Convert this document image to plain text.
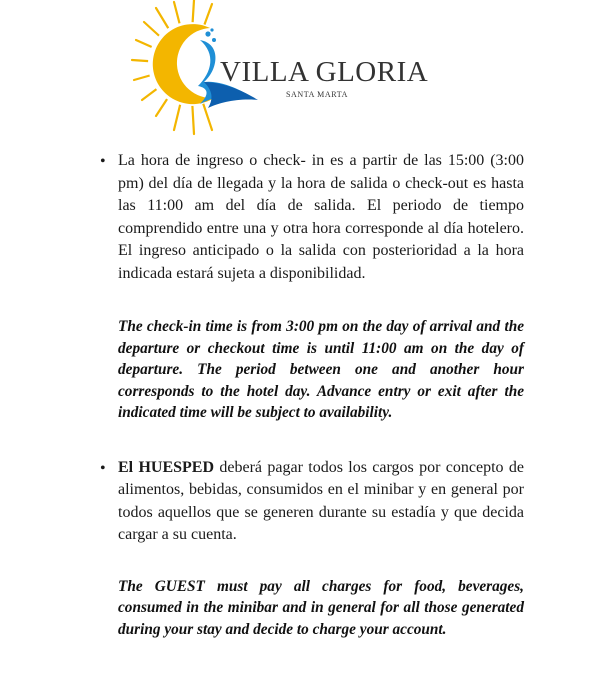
VILLA GLORIA
SANTA MARTA
• La hora de ingreso o check- in es a partir de las 15:00 (3:00 pm) del día de llegada y la hora de salida o check-out es hasta las 11:00 am del día de salida. El periodo de tiempo comprendido entre una y otra hora corresponde al día hotelero. El ingreso anticipado o la salida con posterioridad a la hora indicada estará sujeta a disponibilidad.

The check-in time is from 3:00 pm on the day of arrival and the departure or checkout time is until 11:00 am on the day of departure. The period between one and another hour corresponds to the hotel day. Advance entry or exit after the indicated time will be subject to availability.

• El HUESPED deberá pagar todos los cargos por concepto de alimentos, bebidas, consumidos en el minibar y en general por todos aquellos que se generen durante su estadía y que decida cargar a su cuenta.

The GUEST must pay all charges for food, beverages, consumed in the minibar and in general for all those generated during your stay and decide to charge your account.
